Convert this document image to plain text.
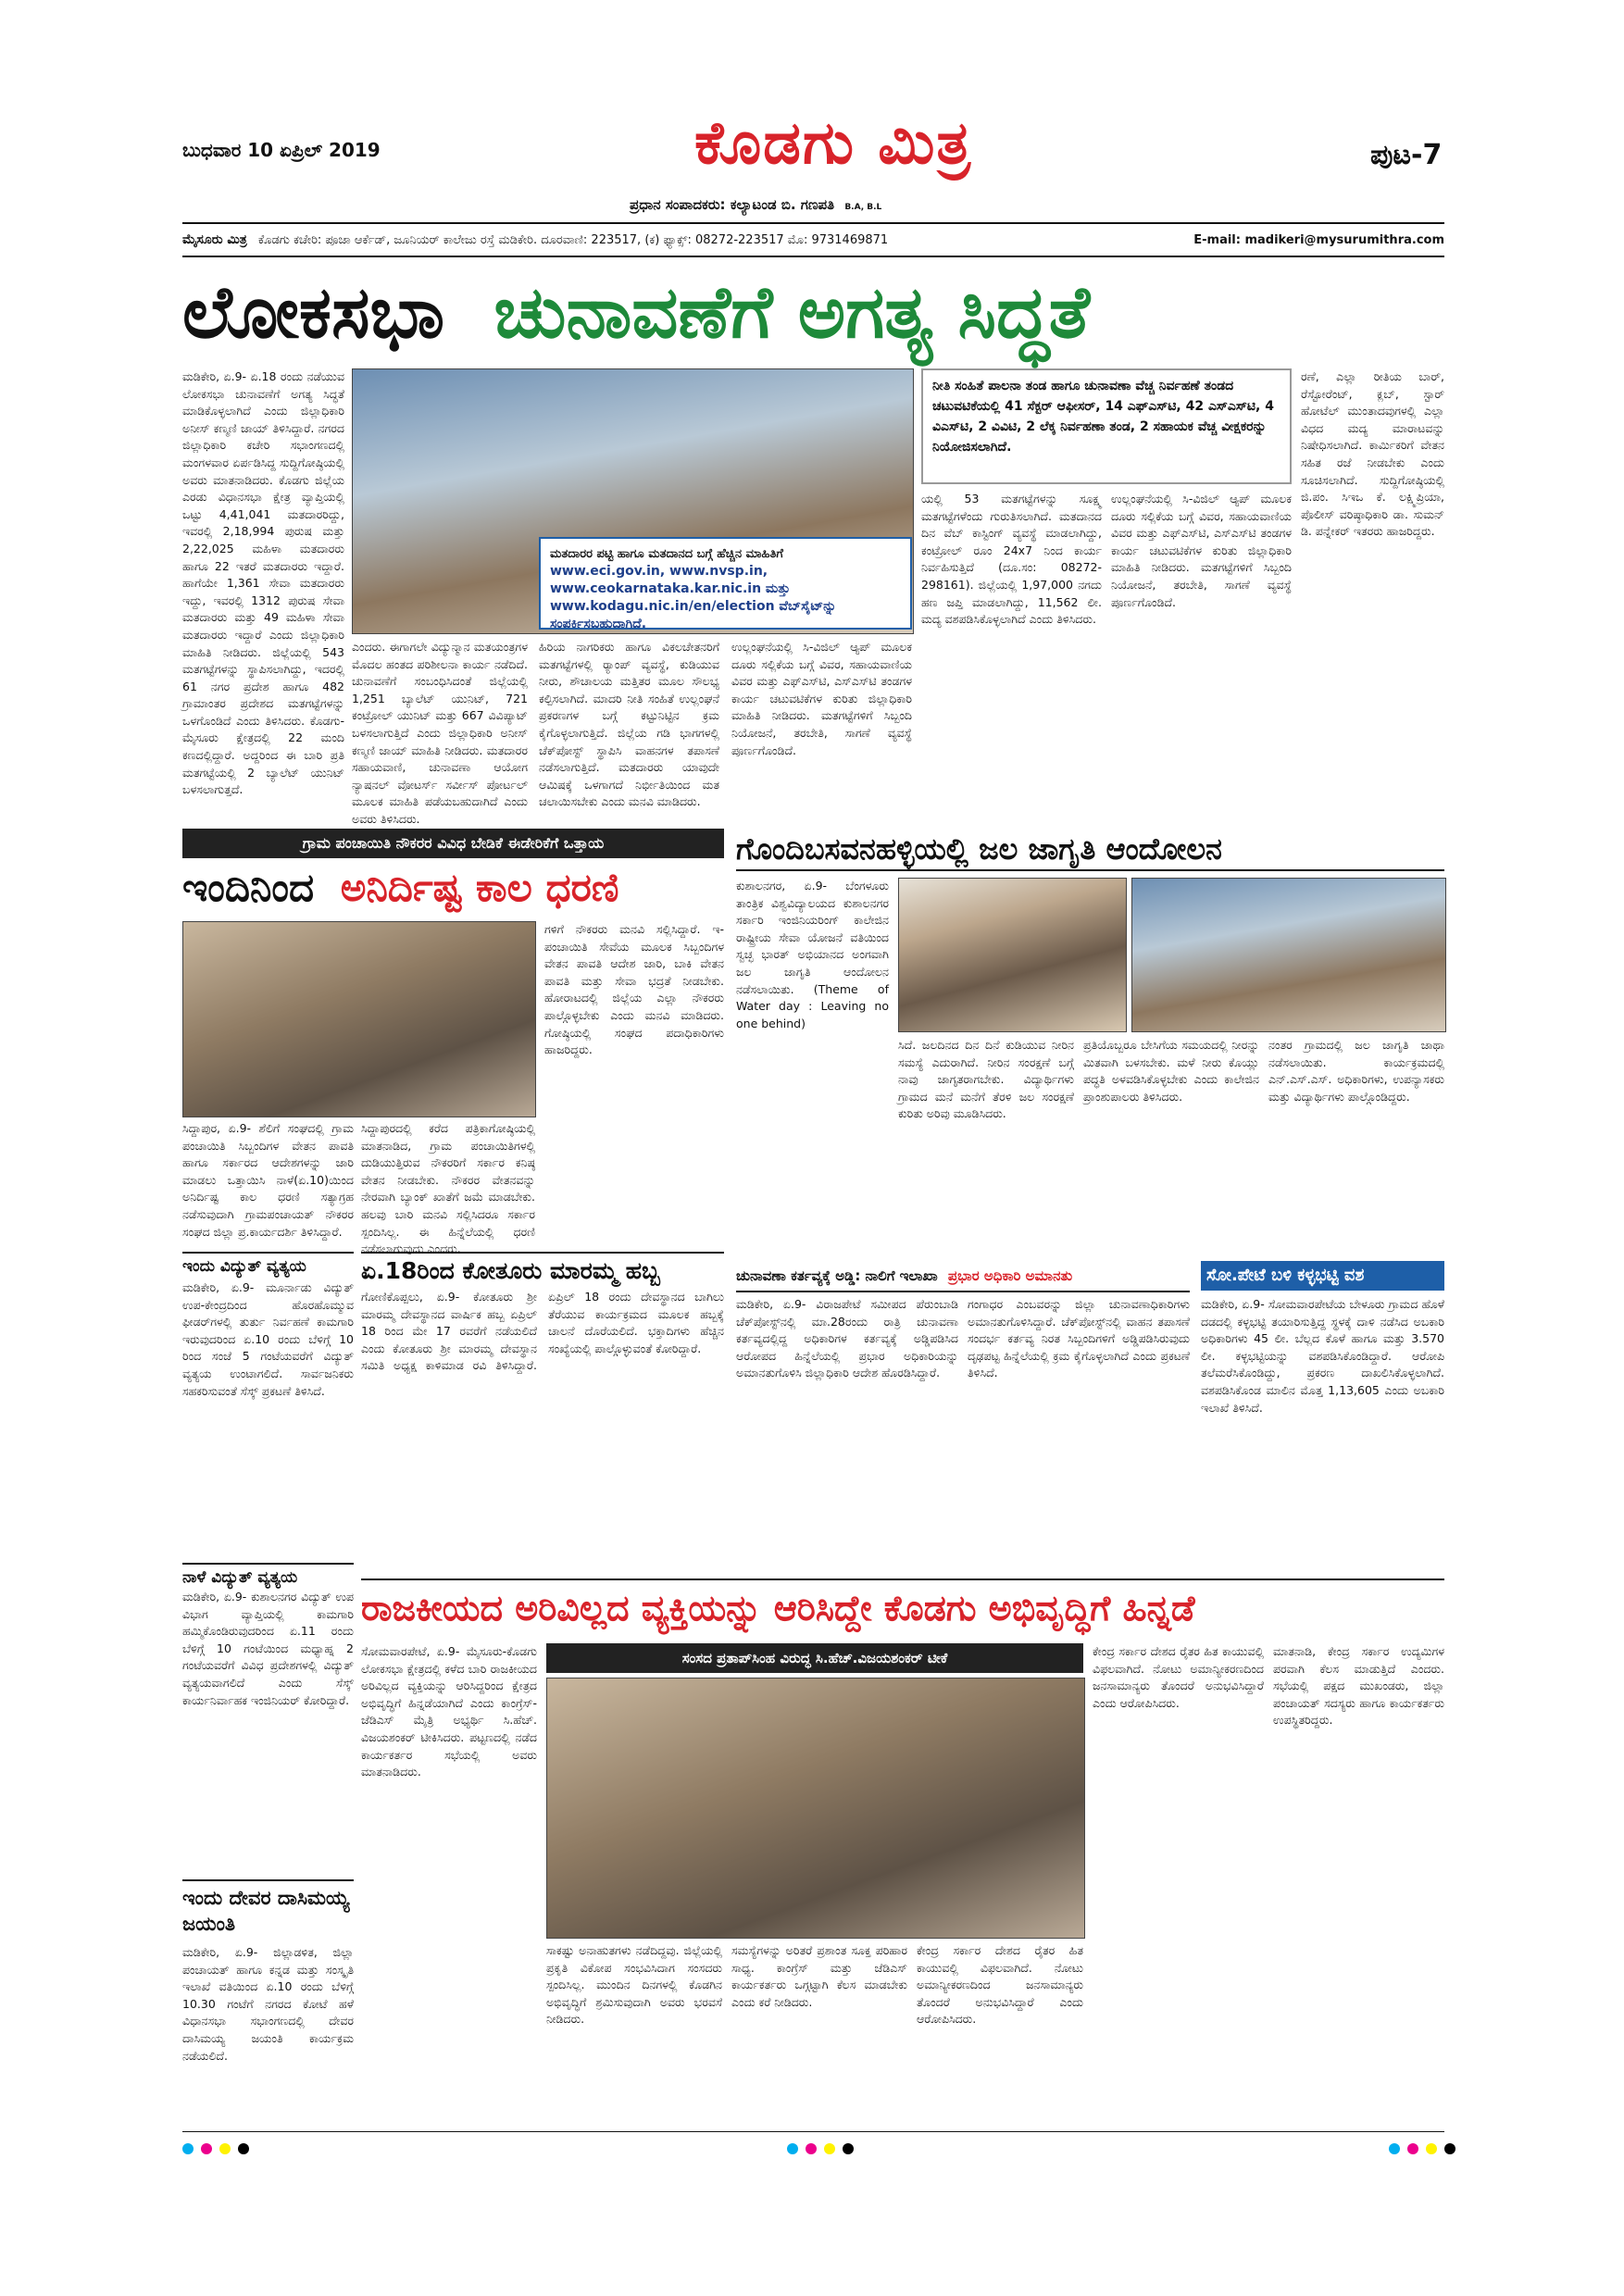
ಬುಧವಾರ 10 ಏಪ್ರಿಲ್ 2019	ಕೊಡಗು ಮಿತ್ರ	ಪುಟ-7
ಪ್ರಧಾನ ಸಂಪಾದಕರು: ಕಲ್ಯಾಟಂಡ ಬಿ. ಗಣಪತಿ B.A, B.L
ಮೈಸೂರು ಮಿತ್ರ ಕೊಡಗು ಕಚೇರಿ: ಪೂಜಾ ಆರ್ಕೆಡ್, ಜೂನಿಯರ್ ಕಾಲೇಜು ರಸ್ತೆ ಮಡಿಕೇರಿ. ದೂರವಾಣಿ: 223517, (ಕ) ಫ್ಯಾಕ್ಸ್: 08272-223517 ಮೊ: 9731469871	E-mail: madikeri@mysurumithra.com
ಲೋಕಸಭಾ ಚುನಾವಣೆಗೆ ಅಗತ್ಯ ಸಿದ್ಧತೆ
ಮಡಿಕೇರಿ, ಏ.9- ಏ.18 ರಂದು ನಡೆಯುವ ಲೋಕಸಭಾ ಚುನಾವಣೆಗೆ ಅಗತ್ಯ ಸಿದ್ಧತೆ ಮಾಡಿಕೊಳ್ಳಲಾಗಿದೆ ಎಂದು ಜಿಲ್ಲಾಧಿಕಾರಿ ಅನೀಸ್ ಕಣ್ಮಣಿ ಜಾಯ್ ತಿಳಿಸಿದ್ದಾರೆ. ನಗರದ ಜಿಲ್ಲಾಧಿಕಾರಿ ಕಚೇರಿ ಸಭಾಂಗಣದಲ್ಲಿ ಮಂಗಳವಾರ ಏರ್ಪಡಿಸಿದ್ದ ಸುದ್ದಿಗೋಷ್ಠಿಯಲ್ಲಿ ಅವರು ಮಾತನಾಡಿದರು. ಕೊಡಗು ಜಿಲ್ಲೆಯ ಎರಡು ವಿಧಾನಸಭಾ ಕ್ಷೇತ್ರ ವ್ಯಾಪ್ತಿಯಲ್ಲಿ ಒಟ್ಟು 4,41,041 ಮತದಾರರಿದ್ದು, ಇವರಲ್ಲಿ 2,18,994 ಪುರುಷ ಮತ್ತು 2,22,025 ಮಹಿಳಾ ಮತದಾರರು ಹಾಗೂ 22 ಇತರೆ ಮತದಾರರು ಇದ್ದಾರೆ. ಹಾಗೆಯೇ 1,361 ಸೇವಾ ಮತದಾರರು ಇದ್ದು, ಇವರಲ್ಲಿ 1312 ಪುರುಷ ಸೇವಾ ಮತದಾರರು ಮತ್ತು 49 ಮಹಿಳಾ ಸೇವಾ ಮತದಾರರು ಇದ್ದಾರೆ ಎಂದು ಜಿಲ್ಲಾಧಿಕಾರಿ ಮಾಹಿತಿ ನೀಡಿದರು. ಜಿಲ್ಲೆಯಲ್ಲಿ 543 ಮತಗಟ್ಟೆಗಳನ್ನು ಸ್ಥಾಪಿಸಲಾಗಿದ್ದು, ಇದರಲ್ಲಿ 61 ನಗರ ಪ್ರದೇಶ ಹಾಗೂ 482 ಗ್ರಾಮಾಂತರ ಪ್ರದೇಶದ ಮತಗಟ್ಟೆಗಳನ್ನು ಒಳಗೊಂಡಿದೆ ಎಂದು ತಿಳಿಸಿದರು. ಕೊಡಗು-ಮೈಸೂರು ಕ್ಷೇತ್ರದಲ್ಲಿ 22 ಮಂದಿ ಕಣದಲ್ಲಿದ್ದಾರೆ. ಅದ್ದರಿಂದ ಈ ಬಾರಿ ಪ್ರತಿ ಮತಗಟ್ಟೆಯಲ್ಲಿ 2 ಬ್ಯಾಲೆಟ್ ಯುನಿಟ್ ಬಳಸಲಾಗುತ್ತದೆ.
ಎಂದರು. ಈಗಾಗಲೇ ವಿದ್ಯುನ್ಮಾನ ಮತಯಂತ್ರಗಳ ಮೊದಲ ಹಂತದ ಪರಿಶೀಲನಾ ಕಾರ್ಯ ನಡೆದಿದೆ. ಚುನಾವಣೆಗೆ ಸಂಬಂಧಿಸಿದಂತೆ ಜಿಲ್ಲೆಯಲ್ಲಿ 1,251 ಬ್ಯಾಲೆಟ್ ಯುನಿಟ್, 721 ಕಂಟ್ರೋಲ್ ಯುನಿಟ್ ಮತ್ತು 667 ವಿವಿಪ್ಯಾಟ್ ಬಳಸಲಾಗುತ್ತಿದೆ ಎಂದು ಜಿಲ್ಲಾಧಿಕಾರಿ ಅನೀಸ್ ಕಣ್ಮಣಿ ಜಾಯ್ ಮಾಹಿತಿ ನೀಡಿದರು. ಮತದಾರರ ಸಹಾಯವಾಣಿ, ಚುನಾವಣಾ ಆಯೋಗ ನ್ಯಾಷನಲ್ ವೋಟರ್ಸ್ ಸರ್ವೀಸ್ ಪೋರ್ಟಲ್ ಮೂಲಕ ಮಾಹಿತಿ ಪಡೆಯಬಹುದಾಗಿದೆ ಎಂದು ಅವರು ತಿಳಿಸಿದರು.
ಮತದಾರರ ಪಟ್ಟಿ ಹಾಗೂ ಮತದಾನದ ಬಗ್ಗೆ ಹೆಚ್ಚಿನ ಮಾಹಿತಿಗೆ
www.eci.gov.in, www.nvsp.in, www.ceokarnataka.kar.nic.in ಮತ್ತು www.kodagu.nic.in/en/election ವೆಬ್‌ಸೈಟ್‌ನ್ನು ಸಂಪರ್ಕಿಸಬಹುದಾಗಿದೆ.
ಹಿರಿಯ ನಾಗರಿಕರು ಹಾಗೂ ವಿಕಲಚೇತನರಿಗೆ ಮತಗಟ್ಟೆಗಳಲ್ಲಿ ರ್‍ಯಾಂಪ್ ವ್ಯವಸ್ಥೆ, ಕುಡಿಯುವ ನೀರು, ಶೌಚಾಲಯ ಮತ್ತಿತರ ಮೂಲ ಸೌಲಭ್ಯ ಕಲ್ಪಿಸಲಾಗಿದೆ. ಮಾದರಿ ನೀತಿ ಸಂಹಿತೆ ಉಲ್ಲಂಘನೆ ಪ್ರಕರಣಗಳ ಬಗ್ಗೆ ಕಟ್ಟುನಿಟ್ಟಿನ ಕ್ರಮ ಕೈಗೊಳ್ಳಲಾಗುತ್ತಿದೆ. ಜಿಲ್ಲೆಯ ಗಡಿ ಭಾಗಗಳಲ್ಲಿ ಚೆಕ್‌ಪೋಸ್ಟ್ ಸ್ಥಾಪಿಸಿ ವಾಹನಗಳ ತಪಾಸಣೆ ನಡೆಸಲಾಗುತ್ತಿದೆ. ಮತದಾರರು ಯಾವುದೇ ಆಮಿಷಕ್ಕೆ ಒಳಗಾಗದೆ ನಿರ್ಭೀತಿಯಿಂದ ಮತ ಚಲಾಯಿಸಬೇಕು ಎಂದು ಮನವಿ ಮಾಡಿದರು.
ಉಲ್ಲಂಘನೆಯಲ್ಲಿ ಸಿ-ವಿಜಿಲ್ ಆ್ಯಪ್ ಮೂಲಕ ದೂರು ಸಲ್ಲಿಕೆಯ ಬಗ್ಗೆ ವಿವರ, ಸಹಾಯವಾಣಿಯ ವಿವರ ಮತ್ತು ಎಫ್‌ಎಸ್‌ಟಿ, ಎಸ್‌ಎಸ್‌ಟಿ ತಂಡಗಳ ಕಾರ್ಯ ಚಟುವಟಿಕೆಗಳ ಕುರಿತು ಜಿಲ್ಲಾಧಿಕಾರಿ ಮಾಹಿತಿ ನೀಡಿದರು. ಮತಗಟ್ಟೆಗಳಿಗೆ ಸಿಬ್ಬಂದಿ ನಿಯೋಜನೆ, ತರಬೇತಿ, ಸಾಗಣೆ ವ್ಯವಸ್ಥೆ ಪೂರ್ಣಗೊಂಡಿದೆ.
ನೀತಿ ಸಂಹಿತೆ ಪಾಲನಾ ತಂಡ ಹಾಗೂ ಚುನಾವಣಾ ವೆಚ್ಚ ನಿರ್ವಹಣೆ ತಂಡದ ಚಟುವಟಿಕೆಯಲ್ಲಿ 41 ಸೆಕ್ಟರ್ ಆಫೀಸರ್, 14 ಎಫ್‌ಎಸ್‌ಟಿ, 42 ಎಸ್‌ಎಸ್‌ಟಿ, 4 ವಿಎಸ್‌ಟಿ, 2 ವಿವಿಟಿ, 2 ಲೆಕ್ಕ ನಿರ್ವಹಣಾ ತಂಡ, 2 ಸಹಾಯಕ ವೆಚ್ಚ ವೀಕ್ಷಕರನ್ನು ನಿಯೋಜಿಸಲಾಗಿದೆ.
ಯಲ್ಲಿ 53 ಮತಗಟ್ಟೆಗಳನ್ನು ಸೂಕ್ಷ್ಮ ಮತಗಟ್ಟೆಗಳೆಂದು ಗುರುತಿಸಲಾಗಿದೆ. ಮತದಾನದ ದಿನ ವೆಬ್ ಕಾಸ್ಟಿಂಗ್ ವ್ಯವಸ್ಥೆ ಮಾಡಲಾಗಿದ್ದು, ಕಂಟ್ರೋಲ್ ರೂಂ 24x7 ನಿಂದ ಕಾರ್ಯ ನಿರ್ವಹಿಸುತ್ತಿದೆ (ದೂ.ಸಂ: 08272-298161). ಜಿಲ್ಲೆಯಲ್ಲಿ 1,97,000 ನಗದು ಹಣ ಜಪ್ತಿ ಮಾಡಲಾಗಿದ್ದು, 11,562 ಲೀ. ಮದ್ಯ ವಶಪಡಿಸಿಕೊಳ್ಳಲಾಗಿದೆ ಎಂದು ತಿಳಿಸಿದರು.
ಉಲ್ಲಂಘನೆಯಲ್ಲಿ ಸಿ-ವಿಜಿಲ್ ಆ್ಯಪ್ ಮೂಲಕ ದೂರು ಸಲ್ಲಿಕೆಯ ಬಗ್ಗೆ ವಿವರ, ಸಹಾಯವಾಣಿಯ ವಿವರ ಮತ್ತು ಎಫ್‌ಎಸ್‌ಟಿ, ಎಸ್‌ಎಸ್‌ಟಿ ತಂಡಗಳ ಕಾರ್ಯ ಚಟುವಟಿಕೆಗಳ ಕುರಿತು ಜಿಲ್ಲಾಧಿಕಾರಿ ಮಾಹಿತಿ ನೀಡಿದರು. ಮತಗಟ್ಟೆಗಳಿಗೆ ಸಿಬ್ಬಂದಿ ನಿಯೋಜನೆ, ತರಬೇತಿ, ಸಾಗಣೆ ವ್ಯವಸ್ಥೆ ಪೂರ್ಣಗೊಂಡಿದೆ.
ರಣೆ, ಎಲ್ಲಾ ರೀತಿಯ ಬಾರ್, ರೆಸ್ಟೋರೆಂಟ್, ಕ್ಲಬ್, ಸ್ಟಾರ್ ಹೋಟೆಲ್ ಮುಂತಾದವುಗಳಲ್ಲಿ ಎಲ್ಲಾ ವಿಧದ ಮದ್ಯ ಮಾರಾಟವನ್ನು ನಿಷೇಧಿಸಲಾಗಿದೆ. ಕಾರ್ಮಿಕರಿಗೆ ವೇತನ ಸಹಿತ ರಜೆ ನೀಡಬೇಕು ಎಂದು ಸೂಚಿಸಲಾಗಿದೆ. ಸುದ್ದಿಗೋಷ್ಠಿಯಲ್ಲಿ ಜಿ.ಪಂ. ಸಿಇಒ ಕೆ. ಲಕ್ಷ್ಮಿಪ್ರಿಯಾ, ಪೊಲೀಸ್ ವರಿಷ್ಠಾಧಿಕಾರಿ ಡಾ. ಸುಮನ್ ಡಿ. ಪನ್ನೇಕರ್ ಇತರರು ಹಾಜರಿದ್ದರು.
ಗ್ರಾಮ ಪಂಚಾಯಿತಿ ನೌಕರರ ವಿವಿಧ ಬೇಡಿಕೆ ಈಡೇರಿಕೆಗೆ ಒತ್ತಾಯ
ಇಂದಿನಿಂದ ಅನಿರ್ದಿಷ್ಟ ಕಾಲ ಧರಣಿ
ಸಿದ್ದಾಪುರ, ಏ.9- ಶೆಲಿಗೆ ಸಂಘದಲ್ಲಿ ಗ್ರಾಮ ಪಂಚಾಯಿತಿ ಸಿಬ್ಬಂದಿಗಳ ವೇತನ ಪಾವತಿ ಹಾಗೂ ಸರ್ಕಾರದ ಆದೇಶಗಳನ್ನು ಜಾರಿ ಮಾಡಲು ಒತ್ತಾಯಿಸಿ ನಾಳೆ(ಏ.10)ಯಿಂದ ಅನಿರ್ದಿಷ್ಟ ಕಾಲ ಧರಣಿ ಸತ್ಯಾಗ್ರಹ ನಡೆಸುವುದಾಗಿ ಗ್ರಾಮಪಂಚಾಯತ್ ನೌಕರರ ಸಂಘದ ಜಿಲ್ಲಾ ಪ್ರ.ಕಾರ್ಯದರ್ಶಿ ತಿಳಿಸಿದ್ದಾರೆ.
ಸಿದ್ದಾಪುರದಲ್ಲಿ ಕರೆದ ಪತ್ರಿಕಾಗೋಷ್ಠಿಯಲ್ಲಿ ಮಾತನಾಡಿದ, ಗ್ರಾಮ ಪಂಚಾಯಿತಿಗಳಲ್ಲಿ ದುಡಿಯುತ್ತಿರುವ ನೌಕರರಿಗೆ ಸರ್ಕಾರ ಕನಿಷ್ಠ ವೇತನ ನೀಡಬೇಕು. ನೌಕರರ ವೇತನವನ್ನು ನೇರವಾಗಿ ಬ್ಯಾಂಕ್ ಖಾತೆಗೆ ಜಮೆ ಮಾಡಬೇಕು. ಹಲವು ಬಾರಿ ಮನವಿ ಸಲ್ಲಿಸಿದರೂ ಸರ್ಕಾರ ಸ್ಪಂದಿಸಿಲ್ಲ. ಈ ಹಿನ್ನೆಲೆಯಲ್ಲಿ ಧರಣಿ ನಡೆಸಲಾಗುವುದು ಎಂದರು.
ಗಳಿಗೆ ನೌಕರರು ಮನವಿ ಸಲ್ಲಿಸಿದ್ದಾರೆ. ಇ-ಪಂಚಾಯಿತಿ ಸೇವೆಯ ಮೂಲಕ ಸಿಬ್ಬಂದಿಗಳ ವೇತನ ಪಾವತಿ ಆದೇಶ ಜಾರಿ, ಬಾಕಿ ವೇತನ ಪಾವತಿ ಮತ್ತು ಸೇವಾ ಭದ್ರತೆ ನೀಡಬೇಕು. ಹೋರಾಟದಲ್ಲಿ ಜಿಲ್ಲೆಯ ಎಲ್ಲಾ ನೌಕರರು ಪಾಲ್ಗೊಳ್ಳಬೇಕು ಎಂದು ಮನವಿ ಮಾಡಿದರು. ಗೋಷ್ಠಿಯಲ್ಲಿ ಸಂಘದ ಪದಾಧಿಕಾರಿಗಳು ಹಾಜರಿದ್ದರು.
ಗೊಂದಿಬಸವನಹಳ್ಳಿಯಲ್ಲಿ ಜಲ ಜಾಗೃತಿ ಆಂದೋಲನ
ಕುಶಾಲನಗರ, ಏ.9- ಬೆಂಗಳೂರು ತಾಂತ್ರಿಕ ವಿಶ್ವವಿದ್ಯಾಲಯದ ಕುಶಾಲನಗರ ಸರ್ಕಾರಿ ಇಂಜಿನಿಯರಿಂಗ್ ಕಾಲೇಜಿನ ರಾಷ್ಟ್ರೀಯ ಸೇವಾ ಯೋಜನೆ ವತಿಯಿಂದ ಸ್ವಚ್ಛ ಭಾರತ್ ಅಭಿಯಾನದ ಅಂಗವಾಗಿ ಜಲ ಜಾಗೃತಿ ಆಂದೋಲನ ನಡೆಸಲಾಯಿತು. (Theme of Water day : Leaving no one behind)
ಸಿದೆ. ಜಲದಿನದ ದಿನ ದಿನೆ ಕುಡಿಯುವ ನೀರಿನ ಸಮಸ್ಯೆ ಎದುರಾಗಿದೆ. ನೀರಿನ ಸಂರಕ್ಷಣೆ ಬಗ್ಗೆ ನಾವು ಜಾಗೃತರಾಗಬೇಕು. ವಿದ್ಯಾರ್ಥಿಗಳು ಗ್ರಾಮದ ಮನೆ ಮನೆಗೆ ತೆರಳಿ ಜಲ ಸಂರಕ್ಷಣೆ ಕುರಿತು ಅರಿವು ಮೂಡಿಸಿದರು.
ಪ್ರತಿಯೊಬ್ಬರೂ ಬೇಸಿಗೆಯ ಸಮಯದಲ್ಲಿ ನೀರನ್ನು ಮಿತವಾಗಿ ಬಳಸಬೇಕು. ಮಳೆ ನೀರು ಕೊಯ್ಲು ಪದ್ಧತಿ ಅಳವಡಿಸಿಕೊಳ್ಳಬೇಕು ಎಂದು ಕಾಲೇಜಿನ ಪ್ರಾಂಶುಪಾಲರು ತಿಳಿಸಿದರು.
ನಂತರ ಗ್ರಾಮದಲ್ಲಿ ಜಲ ಜಾಗೃತಿ ಜಾಥಾ ನಡೆಸಲಾಯಿತು. ಕಾರ್ಯಕ್ರಮದಲ್ಲಿ ಎನ್.ಎಸ್.ಎಸ್. ಅಧಿಕಾರಿಗಳು, ಉಪನ್ಯಾಸಕರು ಮತ್ತು ವಿದ್ಯಾರ್ಥಿಗಳು ಪಾಲ್ಗೊಂಡಿದ್ದರು.
ಇಂದು ವಿದ್ಯುತ್ ವ್ಯತ್ಯಯ
ಮಡಿಕೇರಿ, ಏ.9- ಮೂರ್ನಾಡು ವಿದ್ಯುತ್ ಉಪ-ಕೇಂದ್ರದಿಂದ ಹೊರಹೊಮ್ಮುವ ಫೀಡರ್‌ಗಳಲ್ಲಿ ತುರ್ತು ನಿರ್ವಹಣೆ ಕಾಮಗಾರಿ ಇರುವುದರಿಂದ ಏ.10 ರಂದು ಬೆಳಿಗ್ಗೆ 10 ರಿಂದ ಸಂಜೆ 5 ಗಂಟೆಯವರೆಗೆ ವಿದ್ಯುತ್ ವ್ಯತ್ಯಯ ಉಂಟಾಗಲಿದೆ. ಸಾರ್ವಜನಿಕರು ಸಹಕರಿಸುವಂತೆ ಸೆಸ್ಕ್ ಪ್ರಕಟಣೆ ತಿಳಿಸಿದೆ.
ಏ.18ರಿಂದ ಕೋತೂರು ಮಾರಮ್ಮ ಹಬ್ಬ
ಗೋಣಿಕೊಪ್ಪಲು, ಏ.9- ಕೋತೂರು ಶ್ರೀ ಮಾರಮ್ಮ ದೇವಸ್ಥಾನದ ವಾರ್ಷಿಕ ಹಬ್ಬ ಏಪ್ರಿಲ್ 18 ರಿಂದ ಮೇ 17 ರವರೆಗೆ ನಡೆಯಲಿದೆ ಎಂದು ಕೋತೂರು ಶ್ರೀ ಮಾರಮ್ಮ ದೇವಸ್ಥಾನ ಸಮಿತಿ ಅಧ್ಯಕ್ಷ ಕಾಳಿಮಾಡ ರವಿ ತಿಳಿಸಿದ್ದಾರೆ. ಏಪ್ರಿಲ್ 18 ರಂದು ದೇವಸ್ಥಾನದ ಬಾಗಿಲು ತೆರೆಯುವ ಕಾರ್ಯಕ್ರಮದ ಮೂಲಕ ಹಬ್ಬಕ್ಕೆ ಚಾಲನೆ ದೊರೆಯಲಿದೆ. ಭಕ್ತಾದಿಗಳು ಹೆಚ್ಚಿನ ಸಂಖ್ಯೆಯಲ್ಲಿ ಪಾಲ್ಗೊಳ್ಳುವಂತೆ ಕೋರಿದ್ದಾರೆ.
ನಾಳೆ ವಿದ್ಯುತ್ ವ್ಯತ್ಯಯ
ಮಡಿಕೇರಿ, ಏ.9- ಕುಶಾಲನಗರ ವಿದ್ಯುತ್ ಉಪ ವಿಭಾಗ ವ್ಯಾಪ್ತಿಯಲ್ಲಿ ಕಾಮಗಾರಿ ಹಮ್ಮಿಕೊಂಡಿರುವುದರಿಂದ ಏ.11 ರಂದು ಬೆಳಿಗ್ಗೆ 10 ಗಂಟೆಯಿಂದ ಮಧ್ಯಾಹ್ನ 2 ಗಂಟೆಯವರೆಗೆ ವಿವಿಧ ಪ್ರದೇಶಗಳಲ್ಲಿ ವಿದ್ಯುತ್ ವ್ಯತ್ಯಯವಾಗಲಿದೆ ಎಂದು ಸೆಸ್ಕ್ ಕಾರ್ಯನಿರ್ವಾಹಕ ಇಂಜಿನಿಯರ್ ಕೋರಿದ್ದಾರೆ.
ಚುನಾವಣಾ ಕರ್ತವ್ಯಕ್ಕೆ ಅಡ್ಡಿ: ನಾಲಿಗೆ ಇಲಾಖಾ ಪ್ರಭಾರ ಅಧಿಕಾರಿ ಅಮಾನತು
ಮಡಿಕೇರಿ, ಏ.9- ವಿರಾಜಪೇಟೆ ಸಮೀಪದ ಪೆರುಂಬಾಡಿ ಚೆಕ್‌ಪೋಸ್ಟ್‌ನಲ್ಲಿ ಮಾ.28ರಂದು ರಾತ್ರಿ ಚುನಾವಣಾ ಕರ್ತವ್ಯದಲ್ಲಿದ್ದ ಅಧಿಕಾರಿಗಳ ಕರ್ತವ್ಯಕ್ಕೆ ಅಡ್ಡಿಪಡಿಸಿದ ಆರೋಪದ ಹಿನ್ನೆಲೆಯಲ್ಲಿ ಪ್ರಭಾರ ಅಧಿಕಾರಿಯನ್ನು ಅಮಾನತುಗೊಳಿಸಿ ಜಿಲ್ಲಾಧಿಕಾರಿ ಆದೇಶ ಹೊರಡಿಸಿದ್ದಾರೆ.
ಗಂಗಾಧರ ಎಂಬವರನ್ನು ಜಿಲ್ಲಾ ಚುನಾವಣಾಧಿಕಾರಿಗಳು ಅಮಾನತುಗೊಳಿಸಿದ್ದಾರೆ. ಚೆಕ್‌ಪೋಸ್ಟ್‌ನಲ್ಲಿ ವಾಹನ ತಪಾಸಣೆ ಸಂದರ್ಭ ಕರ್ತವ್ಯ ನಿರತ ಸಿಬ್ಬಂದಿಗಳಿಗೆ ಅಡ್ಡಿಪಡಿಸಿರುವುದು ದೃಢಪಟ್ಟ ಹಿನ್ನೆಲೆಯಲ್ಲಿ ಕ್ರಮ ಕೈಗೊಳ್ಳಲಾಗಿದೆ ಎಂದು ಪ್ರಕಟಣೆ ತಿಳಿಸಿದೆ.
ಸೋ.ಪೇಟೆ ಬಳಿ ಕಳ್ಳಭಟ್ಟಿ ವಶ
ಮಡಿಕೇರಿ, ಏ.9- ಸೋಮವಾರಪೇಟೆಯ ಬೇಳೂರು ಗ್ರಾಮದ ಹೊಳೆ ದಡದಲ್ಲಿ ಕಳ್ಳಭಟ್ಟಿ ತಯಾರಿಸುತ್ತಿದ್ದ ಸ್ಥಳಕ್ಕೆ ದಾಳಿ ನಡೆಸಿದ ಅಬಕಾರಿ ಅಧಿಕಾರಿಗಳು 45 ಲೀ. ಬೆಲ್ಲದ ಕೊಳೆ ಹಾಗೂ ಮತ್ತು 3.570 ಲೀ. ಕಳ್ಳಭಟ್ಟಿಯನ್ನು ವಶಪಡಿಸಿಕೊಂಡಿದ್ದಾರೆ. ಆರೋಪಿ ತಲೆಮರೆಸಿಕೊಂಡಿದ್ದು, ಪ್ರಕರಣ ದಾಖಲಿಸಿಕೊಳ್ಳಲಾಗಿದೆ. ವಶಪಡಿಸಿಕೊಂಡ ಮಾಲಿನ ಮೊತ್ತ 1,13,605 ಎಂದು ಅಬಕಾರಿ ಇಲಾಖೆ ತಿಳಿಸಿದೆ.
ರಾಜಕೀಯದ ಅರಿವಿಲ್ಲದ ವ್ಯಕ್ತಿಯನ್ನು ಆರಿಸಿದ್ದೇ ಕೊಡಗು ಅಭಿವೃದ್ಧಿಗೆ ಹಿನ್ನಡೆ
ಸೋಮವಾರಪೇಟೆ, ಏ.9- ಮೈಸೂರು-ಕೊಡಗು ಲೋಕಸಭಾ ಕ್ಷೇತ್ರದಲ್ಲಿ ಕಳೆದ ಬಾರಿ ರಾಜಕೀಯದ ಅರಿವಿಲ್ಲದ ವ್ಯಕ್ತಿಯನ್ನು ಆರಿಸಿದ್ದರಿಂದ ಕ್ಷೇತ್ರದ ಅಭಿವೃದ್ಧಿಗೆ ಹಿನ್ನಡೆಯಾಗಿದೆ ಎಂದು ಕಾಂಗ್ರೆಸ್-ಜೆಡಿಎಸ್ ಮೈತ್ರಿ ಅಭ್ಯರ್ಥಿ ಸಿ.ಹೆಚ್. ವಿಜಯಶಂಕರ್ ಟೀಕಿಸಿದರು. ಪಟ್ಟಣದಲ್ಲಿ ನಡೆದ ಕಾರ್ಯಕರ್ತರ ಸಭೆಯಲ್ಲಿ ಅವರು ಮಾತನಾಡಿದರು.
ಸಂಸದ ಪ್ರತಾಪ್‌ಸಿಂಹ ವಿರುದ್ಧ ಸಿ.ಹೆಚ್.ವಿಜಯಶಂಕರ್ ಟೀಕೆ
ಸಾಕಷ್ಟು ಅನಾಹುತಗಳು ನಡೆದಿದ್ದವು. ಜಿಲ್ಲೆಯಲ್ಲಿ ಪ್ರಕೃತಿ ವಿಕೋಪ ಸಂಭವಿಸಿದಾಗ ಸಂಸದರು ಸ್ಪಂದಿಸಿಲ್ಲ. ಮುಂದಿನ ದಿನಗಳಲ್ಲಿ ಕೊಡಗಿನ ಅಭಿವೃದ್ಧಿಗೆ ಶ್ರಮಿಸುವುದಾಗಿ ಅವರು ಭರವಸೆ ನೀಡಿದರು.
ಸಮಸ್ಯೆಗಳನ್ನು ಅರಿತರೆ ಪ್ರಶಾಂತ ಸೂಕ್ತ ಪರಿಹಾರ ಸಾಧ್ಯ. ಕಾಂಗ್ರೆಸ್ ಮತ್ತು ಜೆಡಿಎಸ್ ಕಾರ್ಯಕರ್ತರು ಒಗ್ಗಟ್ಟಾಗಿ ಕೆಲಸ ಮಾಡಬೇಕು ಎಂದು ಕರೆ ನೀಡಿದರು.
ಕೇಂದ್ರ ಸರ್ಕಾರ ದೇಶದ ರೈತರ ಹಿತ ಕಾಯುವಲ್ಲಿ ವಿಫಲವಾಗಿದೆ. ನೋಟು ಅಮಾನ್ಯೀಕರಣದಿಂದ ಜನಸಾಮಾನ್ಯರು ತೊಂದರೆ ಅನುಭವಿಸಿದ್ದಾರೆ ಎಂದು ಆರೋಪಿಸಿದರು.
ಮಾತನಾಡಿ, ಕೇಂದ್ರ ಸರ್ಕಾರ ಉದ್ಯಮಿಗಳ ಪರವಾಗಿ ಕೆಲಸ ಮಾಡುತ್ತಿದೆ ಎಂದರು. ಸಭೆಯಲ್ಲಿ ಪಕ್ಷದ ಮುಖಂಡರು, ಜಿಲ್ಲಾ ಪಂಚಾಯತ್ ಸದಸ್ಯರು ಹಾಗೂ ಕಾರ್ಯಕರ್ತರು ಉಪಸ್ಥಿತರಿದ್ದರು.
ಕೇಂದ್ರ ಸರ್ಕಾರ ದೇಶದ ರೈತರ ಹಿತ ಕಾಯುವಲ್ಲಿ ವಿಫಲವಾಗಿದೆ. ನೋಟು ಅಮಾನ್ಯೀಕರಣದಿಂದ ಜನಸಾಮಾನ್ಯರು ತೊಂದರೆ ಅನುಭವಿಸಿದ್ದಾರೆ ಎಂದು ಆರೋಪಿಸಿದರು.
ಇಂದು ದೇವರ ದಾಸಿಮಯ್ಯ ಜಯಂತಿ
ಮಡಿಕೇರಿ, ಏ.9- ಜಿಲ್ಲಾಡಳಿತ, ಜಿಲ್ಲಾ ಪಂಚಾಯತ್ ಹಾಗೂ ಕನ್ನಡ ಮತ್ತು ಸಂಸ್ಕೃತಿ ಇಲಾಖೆ ವತಿಯಿಂದ ಏ.10 ರಂದು ಬೆಳಿಗ್ಗೆ 10.30 ಗಂಟೆಗೆ ನಗರದ ಕೋಟೆ ಹಳೆ ವಿಧಾನಸಭಾ ಸಭಾಂಗಣದಲ್ಲಿ ದೇವರ ದಾಸಿಮಯ್ಯ ಜಯಂತಿ ಕಾರ್ಯಕ್ರಮ ನಡೆಯಲಿದೆ.
